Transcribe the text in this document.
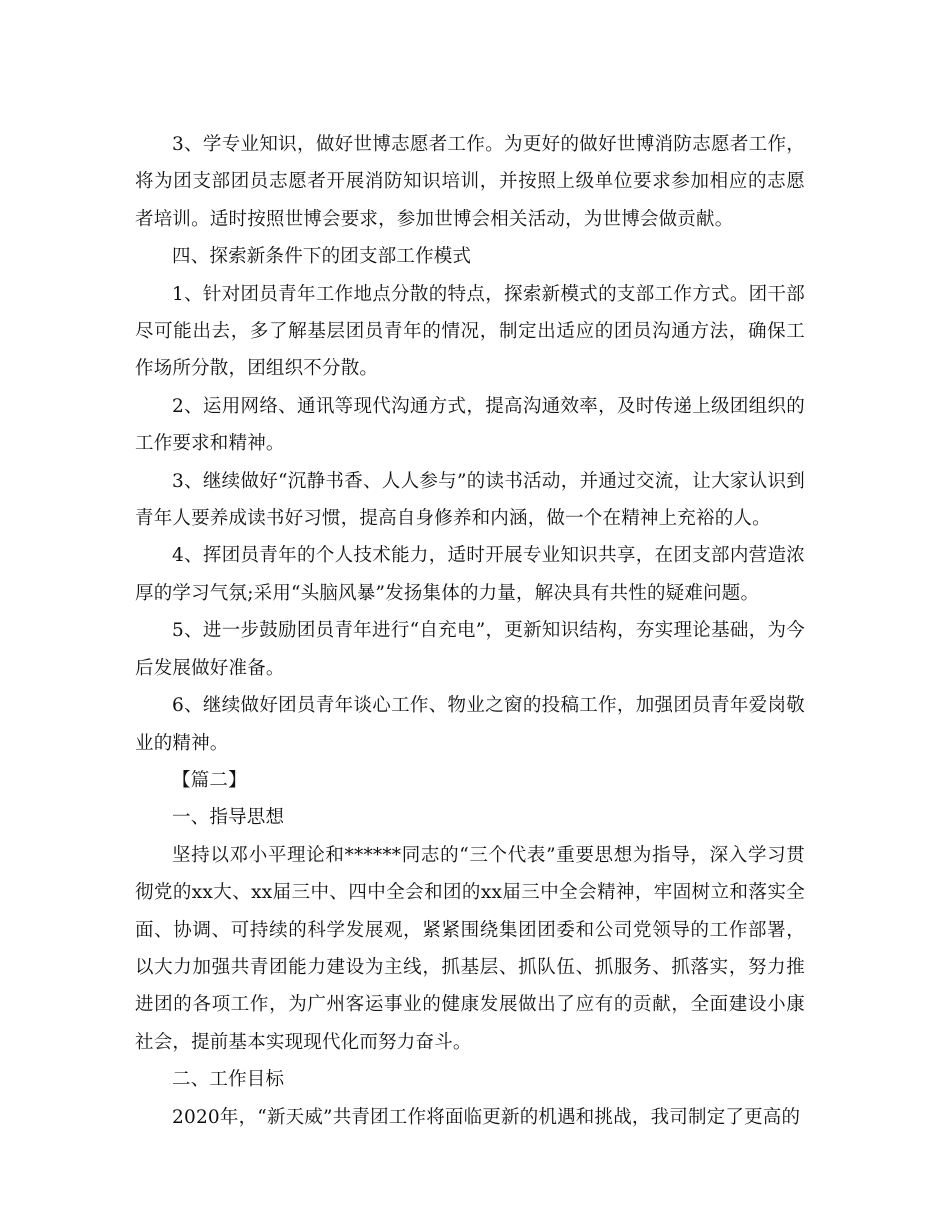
3、学专业知识，做好世博志愿者工作。为更好的做好世博消防志愿者工作，将为团支部团员志愿者开展消防知识培训，并按照上级单位要求参加相应的志愿者培训。适时按照世博会要求，参加世博会相关活动，为世博会做贡献。

四、探索新条件下的团支部工作模式

1、针对团员青年工作地点分散的特点，探索新模式的支部工作方式。团干部尽可能出去，多了解基层团员青年的情况，制定出适应的团员沟通方法，确保工作场所分散，团组织不分散。

2、运用网络、通讯等现代沟通方式，提高沟通效率，及时传递上级团组织的工作要求和精神。

3、继续做好“沉静书香、人人参与”的读书活动，并通过交流，让大家认识到青年人要养成读书好习惯，提高自身修养和内涵，做一个在精神上充裕的人。

4、挥团员青年的个人技术能力，适时开展专业知识共享，在团支部内营造浓厚的学习气氛;采用“头脑风暴”发扬集体的力量，解决具有共性的疑难问题。

5、进一步鼓励团员青年进行“自充电”，更新知识结构，夯实理论基础，为今后发展做好准备。

6、继续做好团员青年谈心工作、物业之窗的投稿工作，加强团员青年爱岗敬业的精神。

【篇二】

一、指导思想

坚持以邓小平理论和******同志的“三个代表”重要思想为指导，深入学习贯彻党的xx大、xx届三中、四中全会和团的xx届三中全会精神，牢固树立和落实全面、协调、可持续的科学发展观，紧紧围绕集团团委和公司党领导的工作部署，以大力加强共青团能力建设为主线，抓基层、抓队伍、抓服务、抓落实，努力推进团的各项工作，为广州客运事业的健康发展做出了应有的贡献，全面建设小康社会，提前基本实现现代化而努力奋斗。

二、工作目标

2020年，“新天威”共青团工作将面临更新的机遇和挑战，我司制定了更高的
